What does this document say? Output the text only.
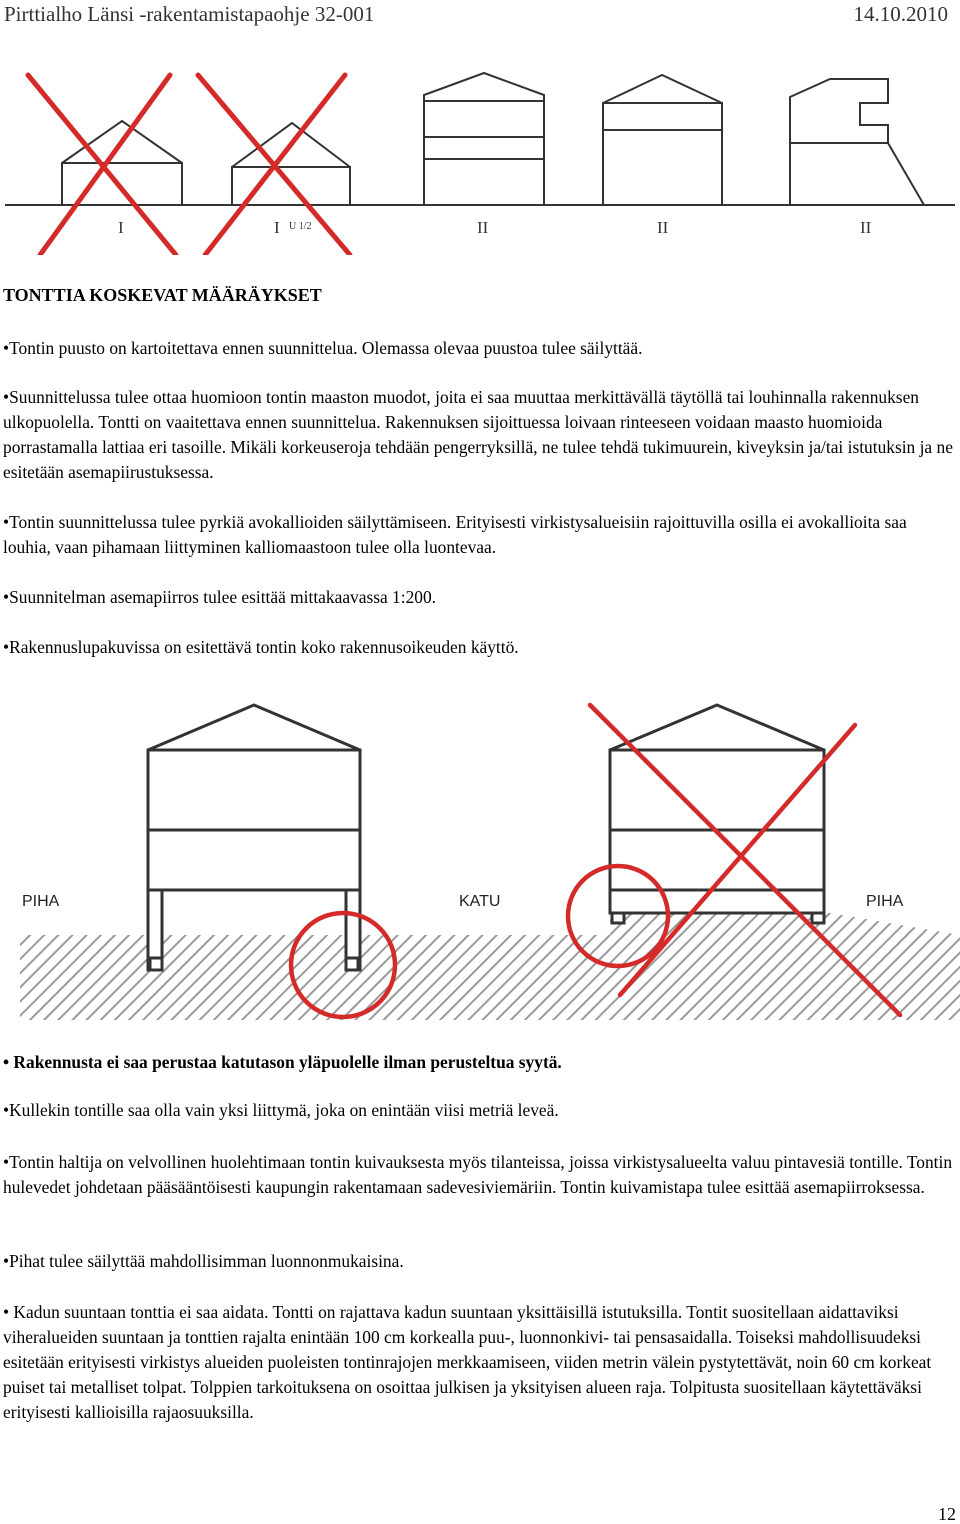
Pirttialho Länsi -rakentamistapaohje 32-001	14.10.2010
I	I U 1/2	II	II	II
TONTTIA KOSKEVAT MÄÄRÄYKSET
•Tontin puusto on kartoitettava ennen suunnittelua. Olemassa olevaa puustoa tulee säilyttää.
•Suunnittelussa tulee ottaa huomioon tontin maaston muodot, joita ei saa muuttaa merkittävällä täytöllä tai louhinnalla rakennuksen ulkopuolella. Tontti on vaaitettava ennen suunnittelua. Rakennuksen sijoittuessa loivaan rinteeseen voidaan maasto huomioida porrastamalla lattiaa eri tasoille. Mikäli korkeuseroja tehdään pengerryksillä, ne tulee tehdä tukimuurein, kiveyksin ja/tai istutuksin ja ne esitetään asemapiirustuksessa.
•Tontin suunnittelussa tulee pyrkiä avokallioiden säilyttämiseen. Erityisesti virkistysalueisiin rajoittuvilla osilla ei avokallioita saa louhia, vaan pihamaan liittyminen kalliomaastoon tulee olla luontevaa.
•Suunnitelman asemapiirros tulee esittää mittakaavassa 1:200.
•Rakennuslupakuvissa on esitettävä tontin koko rakennusoikeuden käyttö.
PIHA	KATU	PIHA
• Rakennusta ei saa perustaa katutason yläpuolelle ilman perusteltua syytä.
•Kullekin tontille saa olla vain yksi liittymä, joka on enintään viisi metriä leveä.
•Tontin haltija on velvollinen huolehtimaan tontin kuivauksesta myös tilanteissa, joissa virkistysalueelta valuu pintavesiä tontille. Tontin hulevedet johdetaan pääsääntöisesti kaupungin rakentamaan sadevesiviemäriin. Tontin kuivamistapa tulee esittää asemapiirroksessa.
•Pihat tulee säilyttää mahdollisimman luonnonmukaisina.
• Kadun suuntaan tonttia ei saa aidata. Tontti on rajattava kadun suuntaan yksittäisillä istutuksilla. Tontit suositellaan aidattaviksi viheralueiden suuntaan ja tonttien rajalta enintään 100 cm korkealla puu-, luonnonkivi- tai pensasaidalla. Toiseksi mahdollisuudeksi esitetään erityisesti virkistys alueiden puoleisten tontinrajojen merkkaamiseen, viiden metrin välein pystytettävät, noin 60 cm korkeat puiset tai metalliset tolpat. Tolppien tarkoituksena on osoittaa julkisen ja yksityisen alueen raja. Tolpitusta suositellaan käytettäväksi erityisesti kallioisilla rajaosuuksilla.
12
